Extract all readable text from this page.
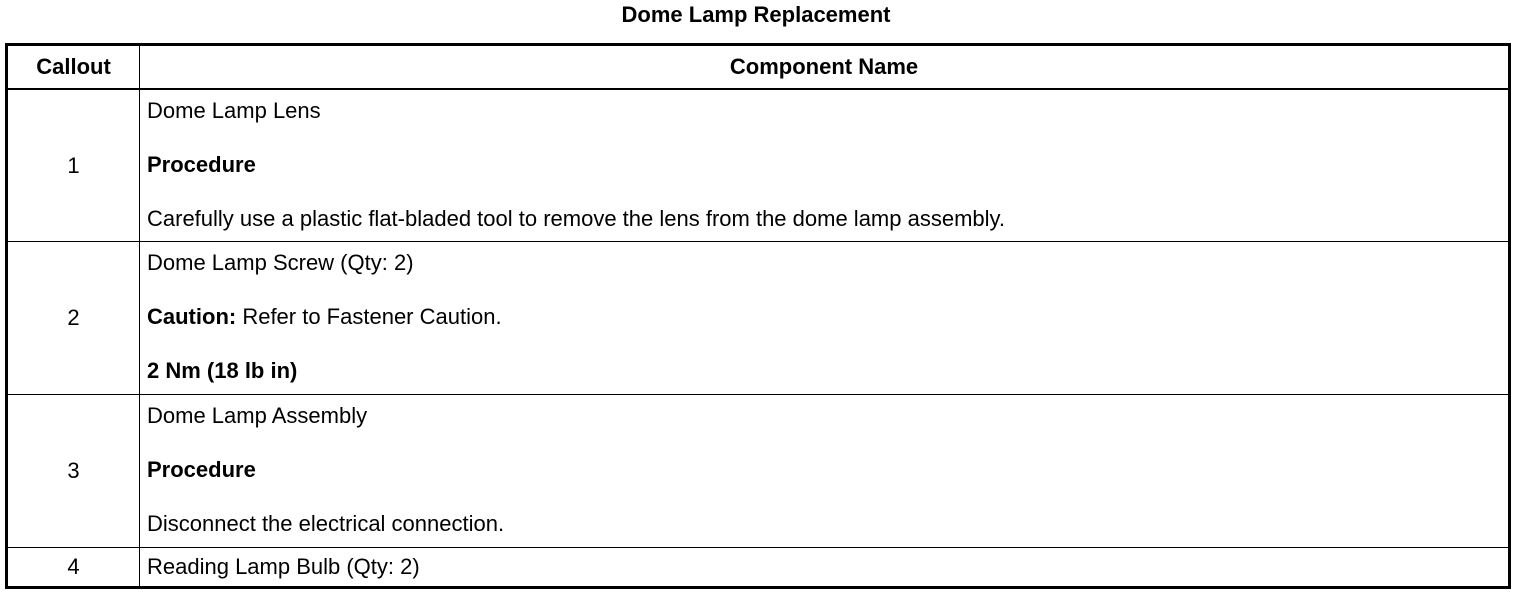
Dome Lamp Replacement
Callout	Component Name
1	Dome Lamp Lens
Procedure
Carefully use a plastic flat-bladed tool to remove the lens from the dome lamp assembly.

2	Dome Lamp Screw (Qty: 2)
Caution: Refer to Fastener Caution.
2 Nm (18 lb in)

3	Dome Lamp Assembly
Procedure
Disconnect the electrical connection.

4	Reading Lamp Bulb (Qty: 2)
